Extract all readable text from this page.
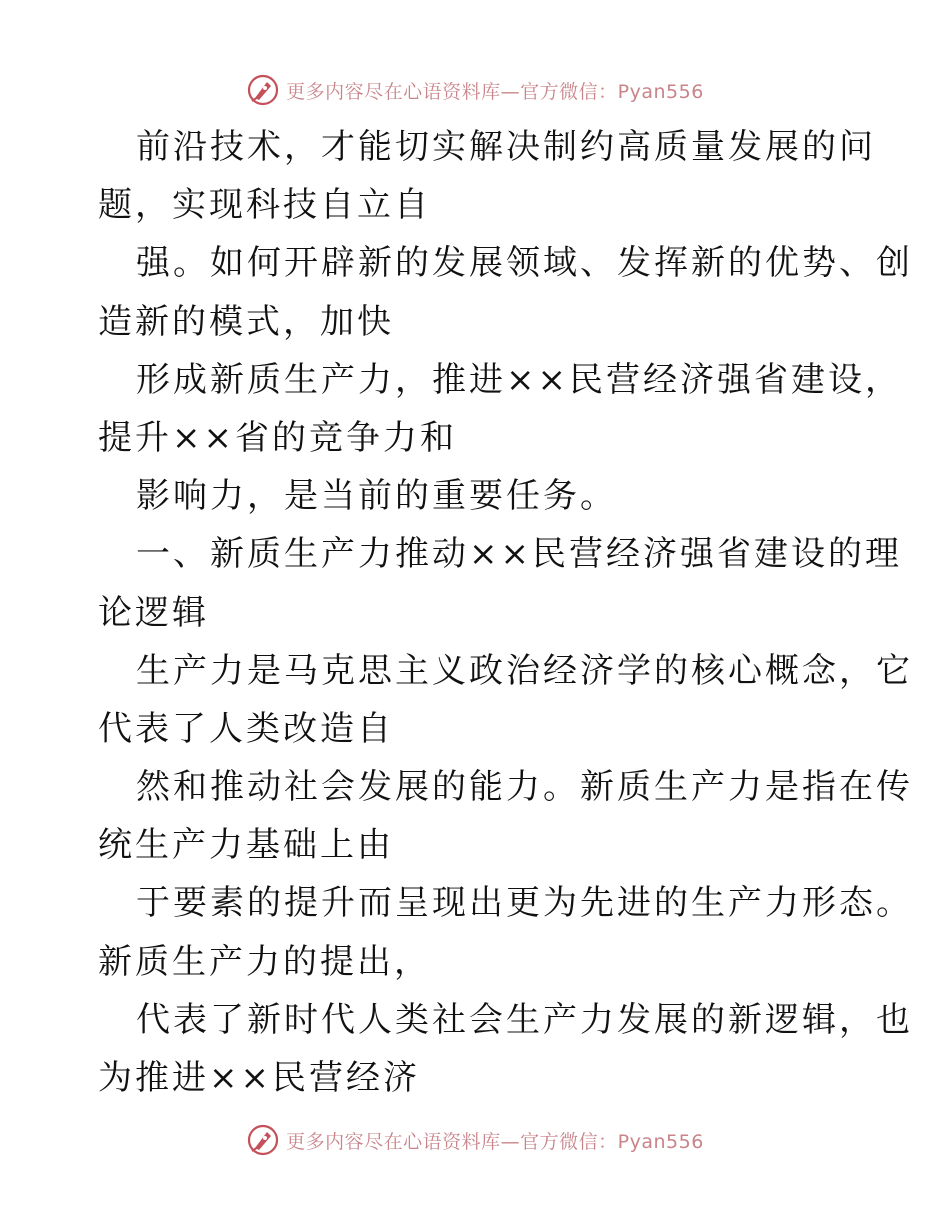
更多内容尽在心语资料库—官方微信：Pyan556
前沿技术，才能切实解决制约高质量发展的问
题，实现科技自立自
强。如何开辟新的发展领域、发挥新的优势、创
造新的模式，加快
形成新质生产力，推进××民营经济强省建设，
提升××省的竞争力和
影响力，是当前的重要任务。
一、新质生产力推动××民营经济强省建设的理
论逻辑
生产力是马克思主义政治经济学的核心概念，它
代表了人类改造自
然和推动社会发展的能力。新质生产力是指在传
统生产力基础上由
于要素的提升而呈现出更为先进的生产力形态。
新质生产力的提出，
代表了新时代人类社会生产力发展的新逻辑，也
为推进××民营经济
更多内容尽在心语资料库—官方微信：Pyan556
